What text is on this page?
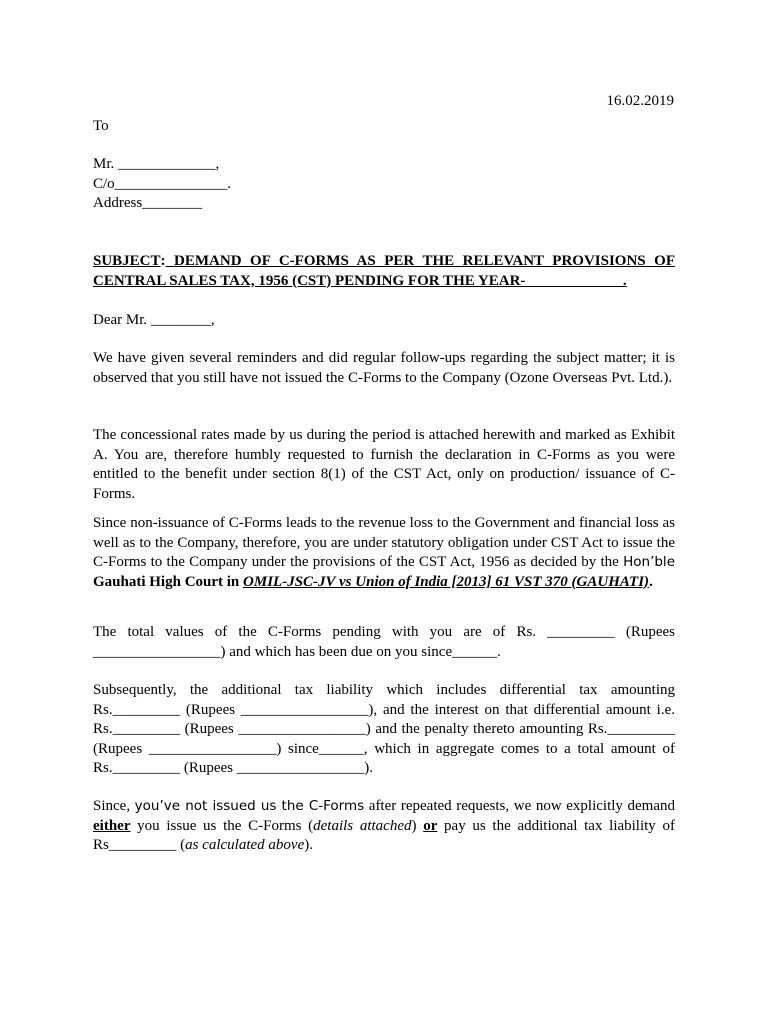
16.02.2019
To
Mr. _____________,
C/o_______________.
Address________
SUBJECT: DEMAND OF C-FORMS AS PER THE RELEVANT PROVISIONS OF
CENTRAL SALES TAX, 1956 (CST) PENDING FOR THE YEAR-_____________.
Dear Mr. ________,

We have given several reminders and did regular follow-ups regarding the subject matter; it is observed that you still have not issued the C-Forms to the Company (Ozone Overseas Pvt. Ltd.).

The concessional rates made by us during the period is attached herewith and marked as Exhibit A. You are, therefore humbly requested to furnish the declaration in C-Forms as you were entitled to the benefit under section 8(1) of the CST Act, only on production/ issuance of C-Forms.

Since non-issuance of C-Forms leads to the revenue loss to the Government and financial loss as well as to the Company, therefore, you are under statutory obligation under CST Act to issue the C-Forms to the Company under the provisions of the CST Act, 1956 as decided by the Hon’ble Gauhati High Court in OMIL-JSC-JV vs Union of India [2013] 61 VST 370 (GAUHATI).

The total values of the C-Forms pending with you are of Rs. _________ (Rupees _________________) and which has been due on you since______.

Subsequently, the additional tax liability which includes differential tax amounting Rs._________ (Rupees _________________), and the interest on that differential amount i.e. Rs._________ (Rupees _________________) and the penalty thereto amounting Rs._________ (Rupees _________________) since______, which in aggregate comes to a total amount of Rs._________ (Rupees _________________).

Since, you’ve not issued us the C-Forms after repeated requests, we now explicitly demand either you issue us the C-Forms (details attached) or pay us the additional tax liability of Rs_________ (as calculated above).
